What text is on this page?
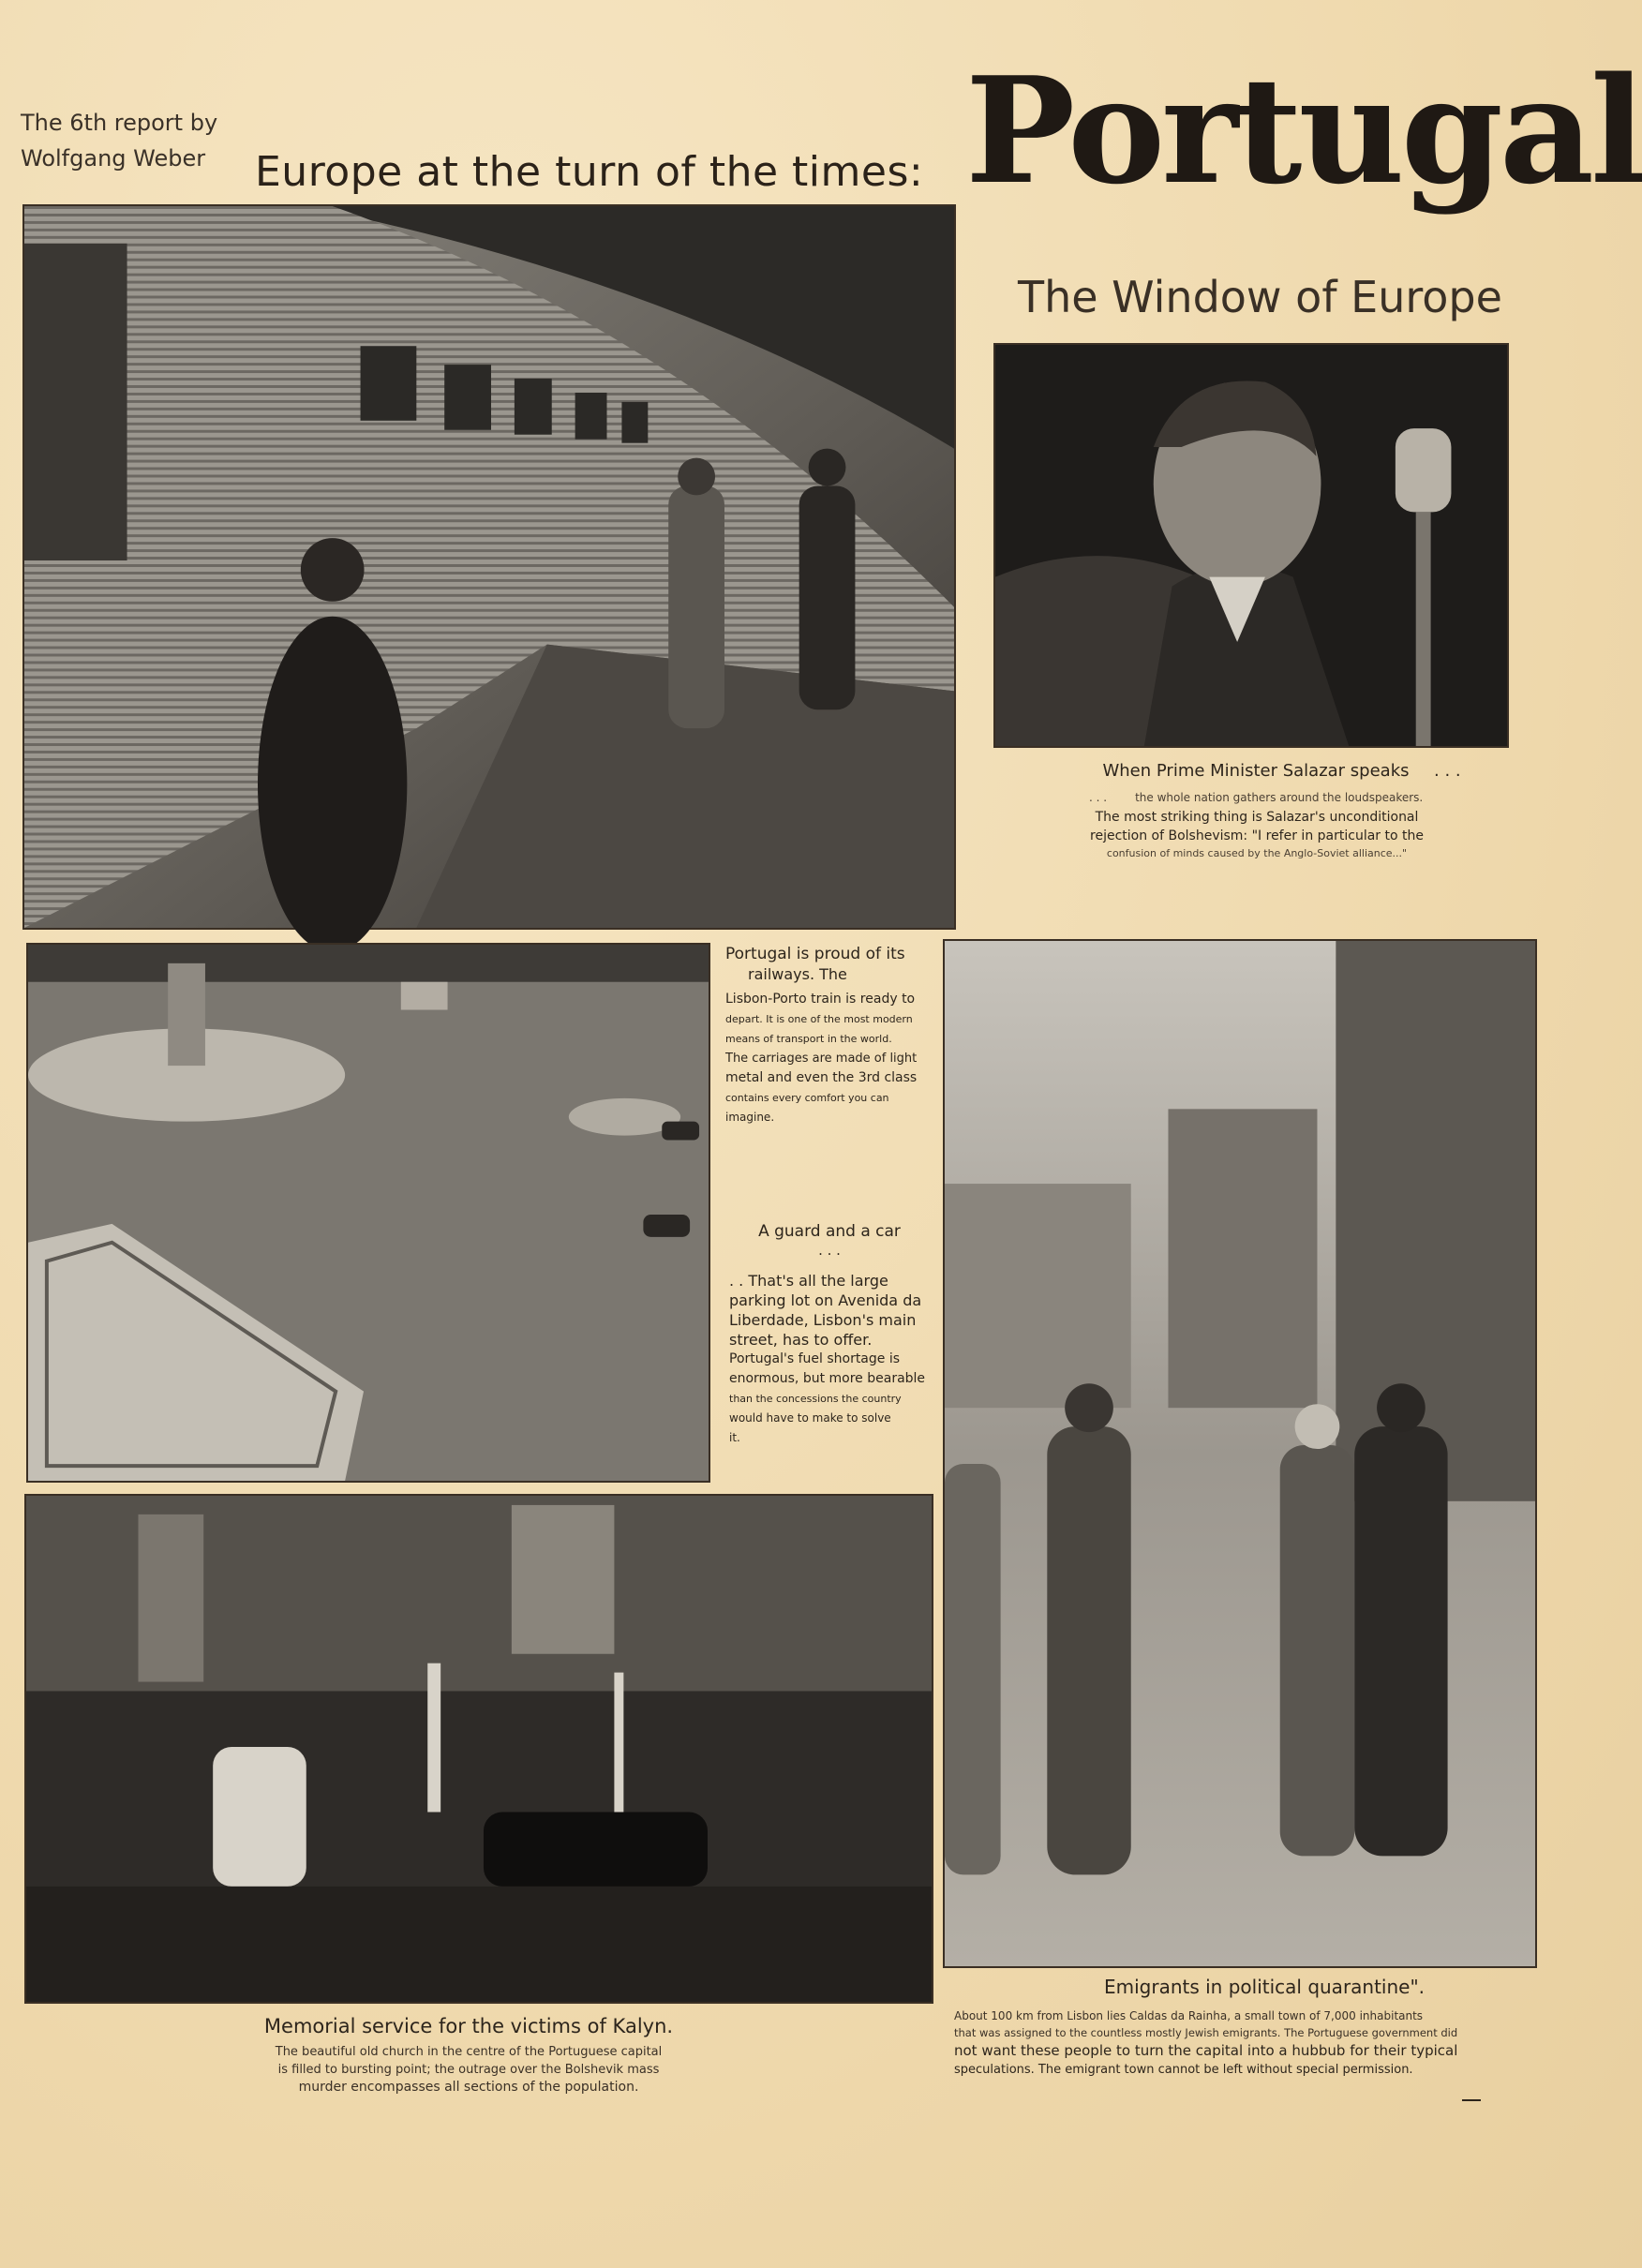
The 6th report by
Wolfgang Weber Europe at the turn of the times: Portugal
The Window of Europe
When Prime Minister Salazar speaks	. . .
. . .	the whole nation gathers around the loudspeakers.
The most striking thing is Salazar's unconditional
rejection of Bolshevism: "I refer in particular to the
confusion of minds caused by the Anglo-Soviet alliance..."
Portugal is proud of its
railways. The
Lisbon-Porto train is ready to
depart. It is one of the most modern
means of transport in the world.
The carriages are made of light
metal and even the 3rd class
contains every comfort you can
imagine.
A guard and a car
. . .
. . That's all the large
parking lot on Avenida da
Liberdade, Lisbon's main
street, has to offer.
Portugal's fuel shortage is
enormous, but more bearable
than the concessions the country
would have to make to solve
it.
Memorial service for the victims of Kalyn.
The beautiful old church in the centre of the Portuguese capital
is filled to bursting point; the outrage over the Bolshevik mass
murder encompasses all sections of the population.
Emigrants in political quarantine".
About 100 km from Lisbon lies Caldas da Rainha, a small town of 7,000 inhabitants
that was assigned to the countless mostly Jewish emigrants. The Portuguese government did
not want these people to turn the capital into a hubbub for their typical
speculations. The emigrant town cannot be left without special permission.
